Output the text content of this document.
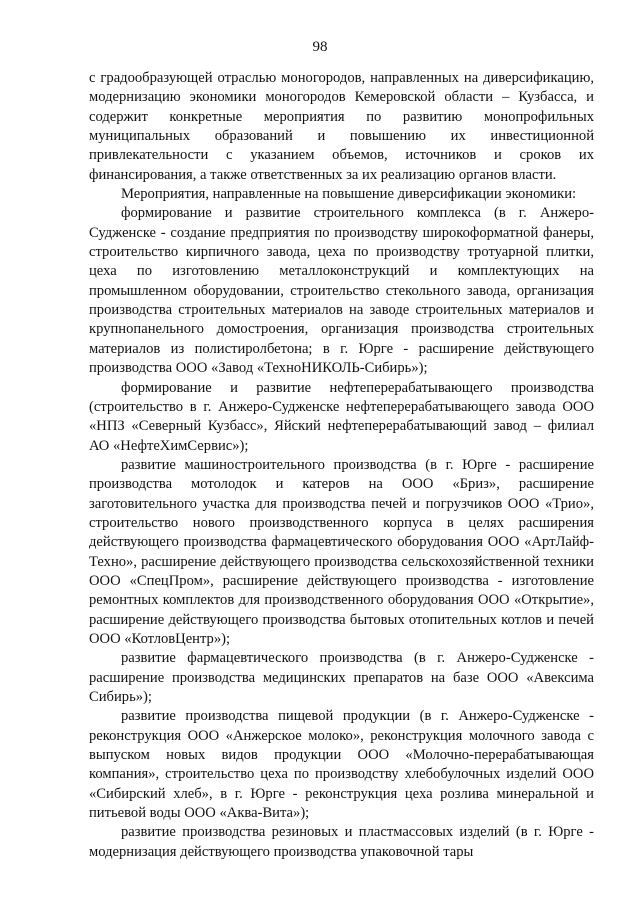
98

с градообразующей отраслью моногородов, направленных на диверсификацию, модернизацию экономики моногородов Кемеровской области – Кузбасса, и содержит конкретные мероприятия по развитию монопрофильных муниципальных образований и повышению их инвестиционной привлекательности с указанием объемов, источников и сроков их финансирования, а также ответственных за их реализацию органов власти.

Мероприятия, направленные на повышение диверсификации экономики:

формирование и развитие строительного комплекса (в г. Анжеро-Судженске - создание предприятия по производству широкоформатной фанеры, строительство кирпичного завода, цеха по производству тротуарной плитки, цеха по изготовлению металлоконструкций и комплектующих на промышленном оборудовании, строительство стекольного завода, организация производства строительных материалов на заводе строительных материалов и крупнопанельного домостроения, организация производства строительных материалов из полистиролбетона; в г. Юрге - расширение действующего производства ООО «Завод «ТехноНИКОЛЬ-Сибирь»);

формирование и развитие нефтеперерабатывающего производства (строительство в г. Анжеро-Судженске нефтеперерабатывающего завода ООО «НПЗ «Северный Кузбасс», Яйский нефтеперерабатывающий завод – филиал АО «НефтеХимСервис»);

развитие машиностроительного производства (в г. Юрге - расширение производства мотолодок и катеров на ООО «Бриз», расширение заготовительного участка для производства печей и погрузчиков ООО «Трио», строительство нового производственного корпуса в целях расширения действующего производства фармацевтического оборудования ООО «АртЛайф-Техно», расширение действующего производства сельскохозяйственной техники ООО «СпецПром», расширение действующего производства - изготовление ремонтных комплектов для производственного оборудования ООО «Открытие», расширение действующего производства бытовых отопительных котлов и печей ООО «КотловЦентр»);

развитие фармацевтического производства (в г. Анжеро-Судженске - расширение производства медицинских препаратов на базе ООО «Авексима Сибирь»);

развитие производства пищевой продукции (в г. Анжеро-Судженске - реконструкция ООО «Анжерское молоко», реконструкция молочного завода с выпуском новых видов продукции ООО «Молочно-перерабатывающая компания», строительство цеха по производству хлебобулочных изделий ООО «Сибирский хлеб», в г. Юрге - реконструкция цеха розлива минеральной и питьевой воды ООО «Аква-Вита»);

развитие производства резиновых и пластмассовых изделий (в г. Юрге - модернизация действующего производства упаковочной тары
